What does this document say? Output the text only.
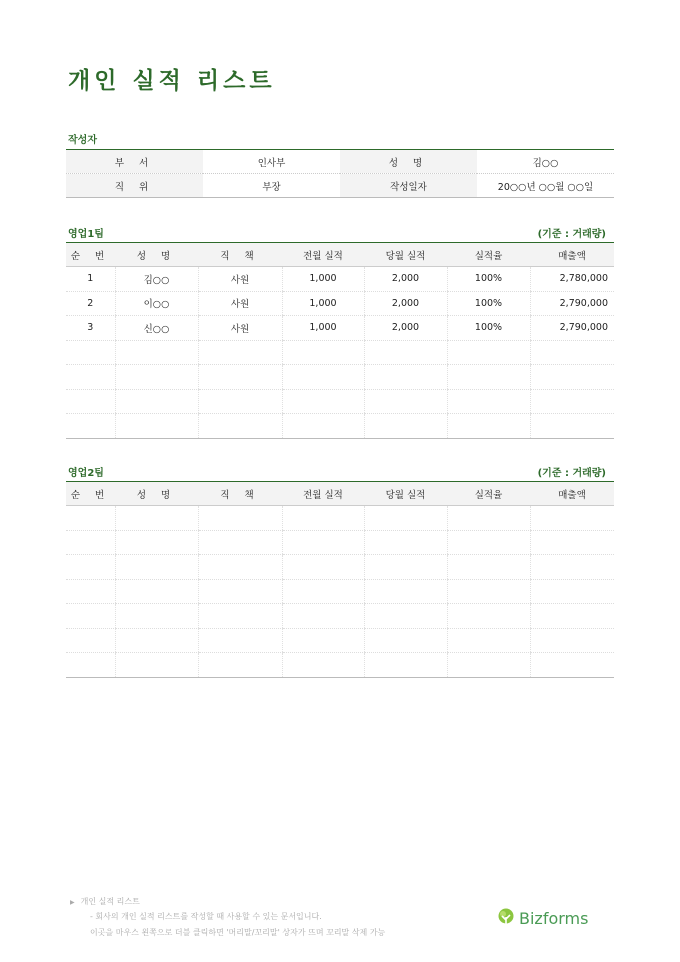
개인 실적 리스트
작성자
부 서	인사부	성 명	김○○
직 위	부장	작성일자	20○○년 ○○월 ○○일
영업1팀	(기준 : 거래량)
순 번	성 명	직 책	전월 실적	당월 실적	실적율	매출액
1	김○○	사원	1,000	2,000	100%	2,780,000
2	이○○	사원	1,000	2,000	100%	2,790,000
3	신○○	사원	1,000	2,000	100%	2,790,000

영업2팀	(기준 : 거래량)
순 번	성 명	직 책	전월 실적	당월 실적	실적율	매출액

▶ 개인 실적 리스트
- 회사의 개인 실적 리스트를 작성할 때 사용할 수 있는 문서입니다.
이곳을 마우스 왼쪽으로 더블 클릭하면 '머리말/꼬리말' 상자가 뜨며 꼬리말 삭제 가능
Bizforms
